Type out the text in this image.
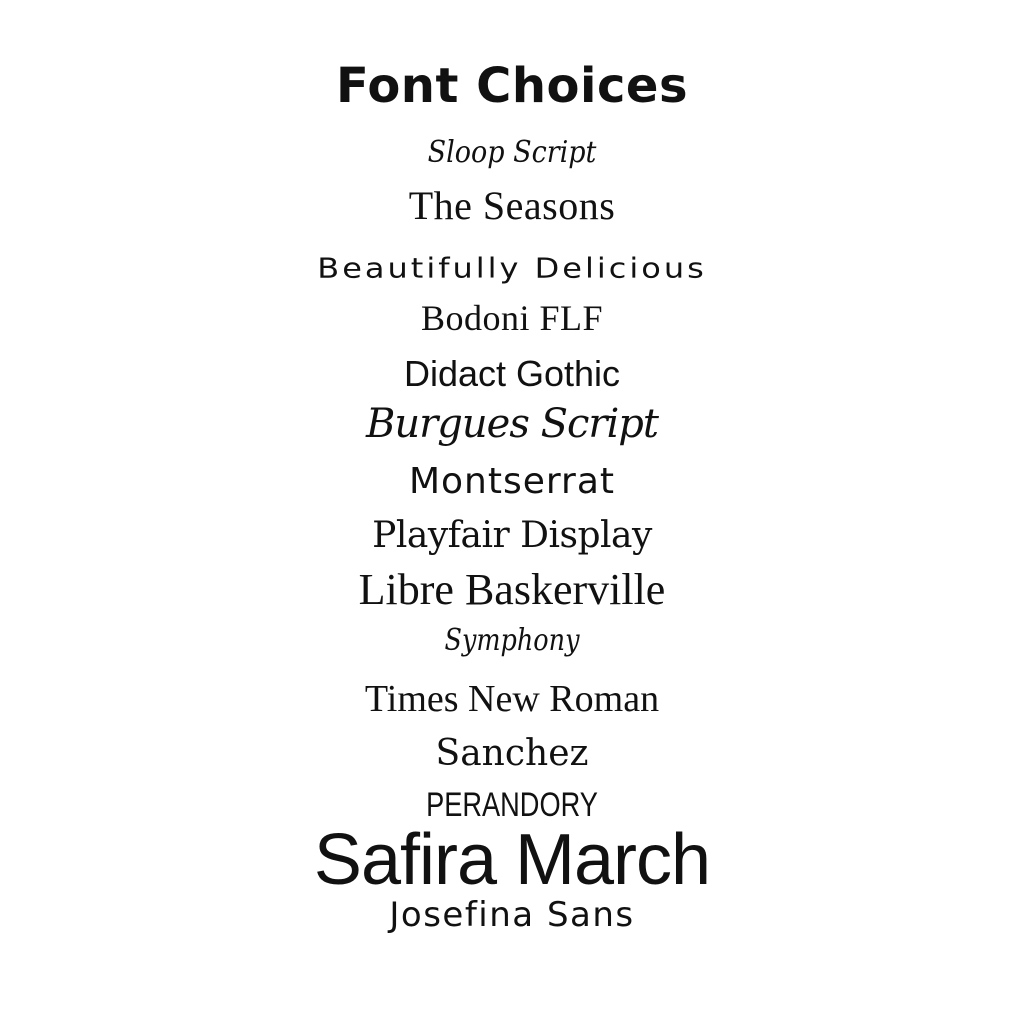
Font Choices
Sloop Script
The Seasons
Beautifully Delicious
Bodoni FLF
Didact Gothic
Burgues Script
Montserrat
Playfair Display
Libre Baskerville
Symphony
Times New Roman
Sanchez
PERANDORY
Safira March
Josefina Sans
